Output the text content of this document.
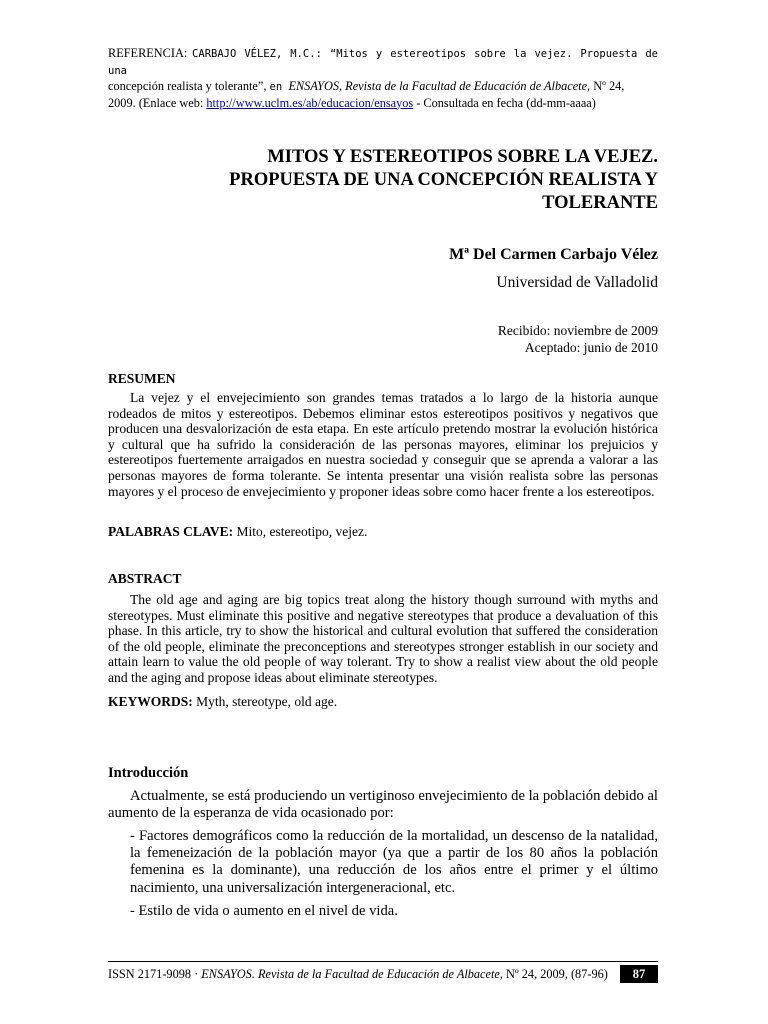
REFERENCIA: CARBAJO VÉLEZ, M.C.: “Mitos y estereotipos sobre la vejez. Propuesta de una
concepción realista y tolerante”, en ENSAYOS, Revista de la Facultad de Educación de Albacete, Nº 24,
2009. (Enlace web: http://www.uclm.es/ab/educacion/ensayos - Consultada en fecha (dd-mm-aaaa)
MITOS Y ESTEREOTIPOS SOBRE LA VEJEZ.
PROPUESTA DE UNA CONCEPCIÓN REALISTA Y
TOLERANTE
Mª Del Carmen Carbajo Vélez
Universidad de Valladolid
Recibido: noviembre de 2009
Aceptado: junio de 2010
RESUMEN

La vejez y el envejecimiento son grandes temas tratados a lo largo de la historia aunque rodeados de mitos y estereotipos. Debemos eliminar estos estereotipos positivos y negativos que producen una desvalorización de esta etapa. En este artículo pretendo mostrar la evolución histórica y cultural que ha sufrido la consideración de las personas mayores, eliminar los prejuicios y estereotipos fuertemente arraigados en nuestra sociedad y conseguir que se aprenda a valorar a las personas mayores de forma tolerante. Se intenta presentar una visión realista sobre las personas mayores y el proceso de envejecimiento y proponer ideas sobre como hacer frente a los estereotipos.

PALABRAS CLAVE: Mito, estereotipo, vejez.
ABSTRACT

The old age and aging are big topics treat along the history though surround with myths and stereotypes. Must eliminate this positive and negative stereotypes that produce a devaluation of this phase. In this article, try to show the historical and cultural evolution that suffered the consideration of the old people, eliminate the preconceptions and stereotypes stronger establish in our society and attain learn to value the old people of way tolerant. Try to show a realist view about the old people and the aging and propose ideas about eliminate stereotypes.

KEYWORDS: Myth, stereotype, old age.
Introducción

Actualmente, se está produciendo un vertiginoso envejecimiento de la población debido al aumento de la esperanza de vida ocasionado por:

- Factores demográficos como la reducción de la mortalidad, un descenso de la natalidad, la femeneización de la población mayor (ya que a partir de los 80 años la población femenina es la dominante), una reducción de los años entre el primer y el último nacimiento, una universalización intergeneracional, etc.

- Estilo de vida o aumento en el nivel de vida.

ISSN 2171-9098 · ENSAYOS. Revista de la Facultad de Educación de Albacete, Nº 24, 2009, (87-96)	87
